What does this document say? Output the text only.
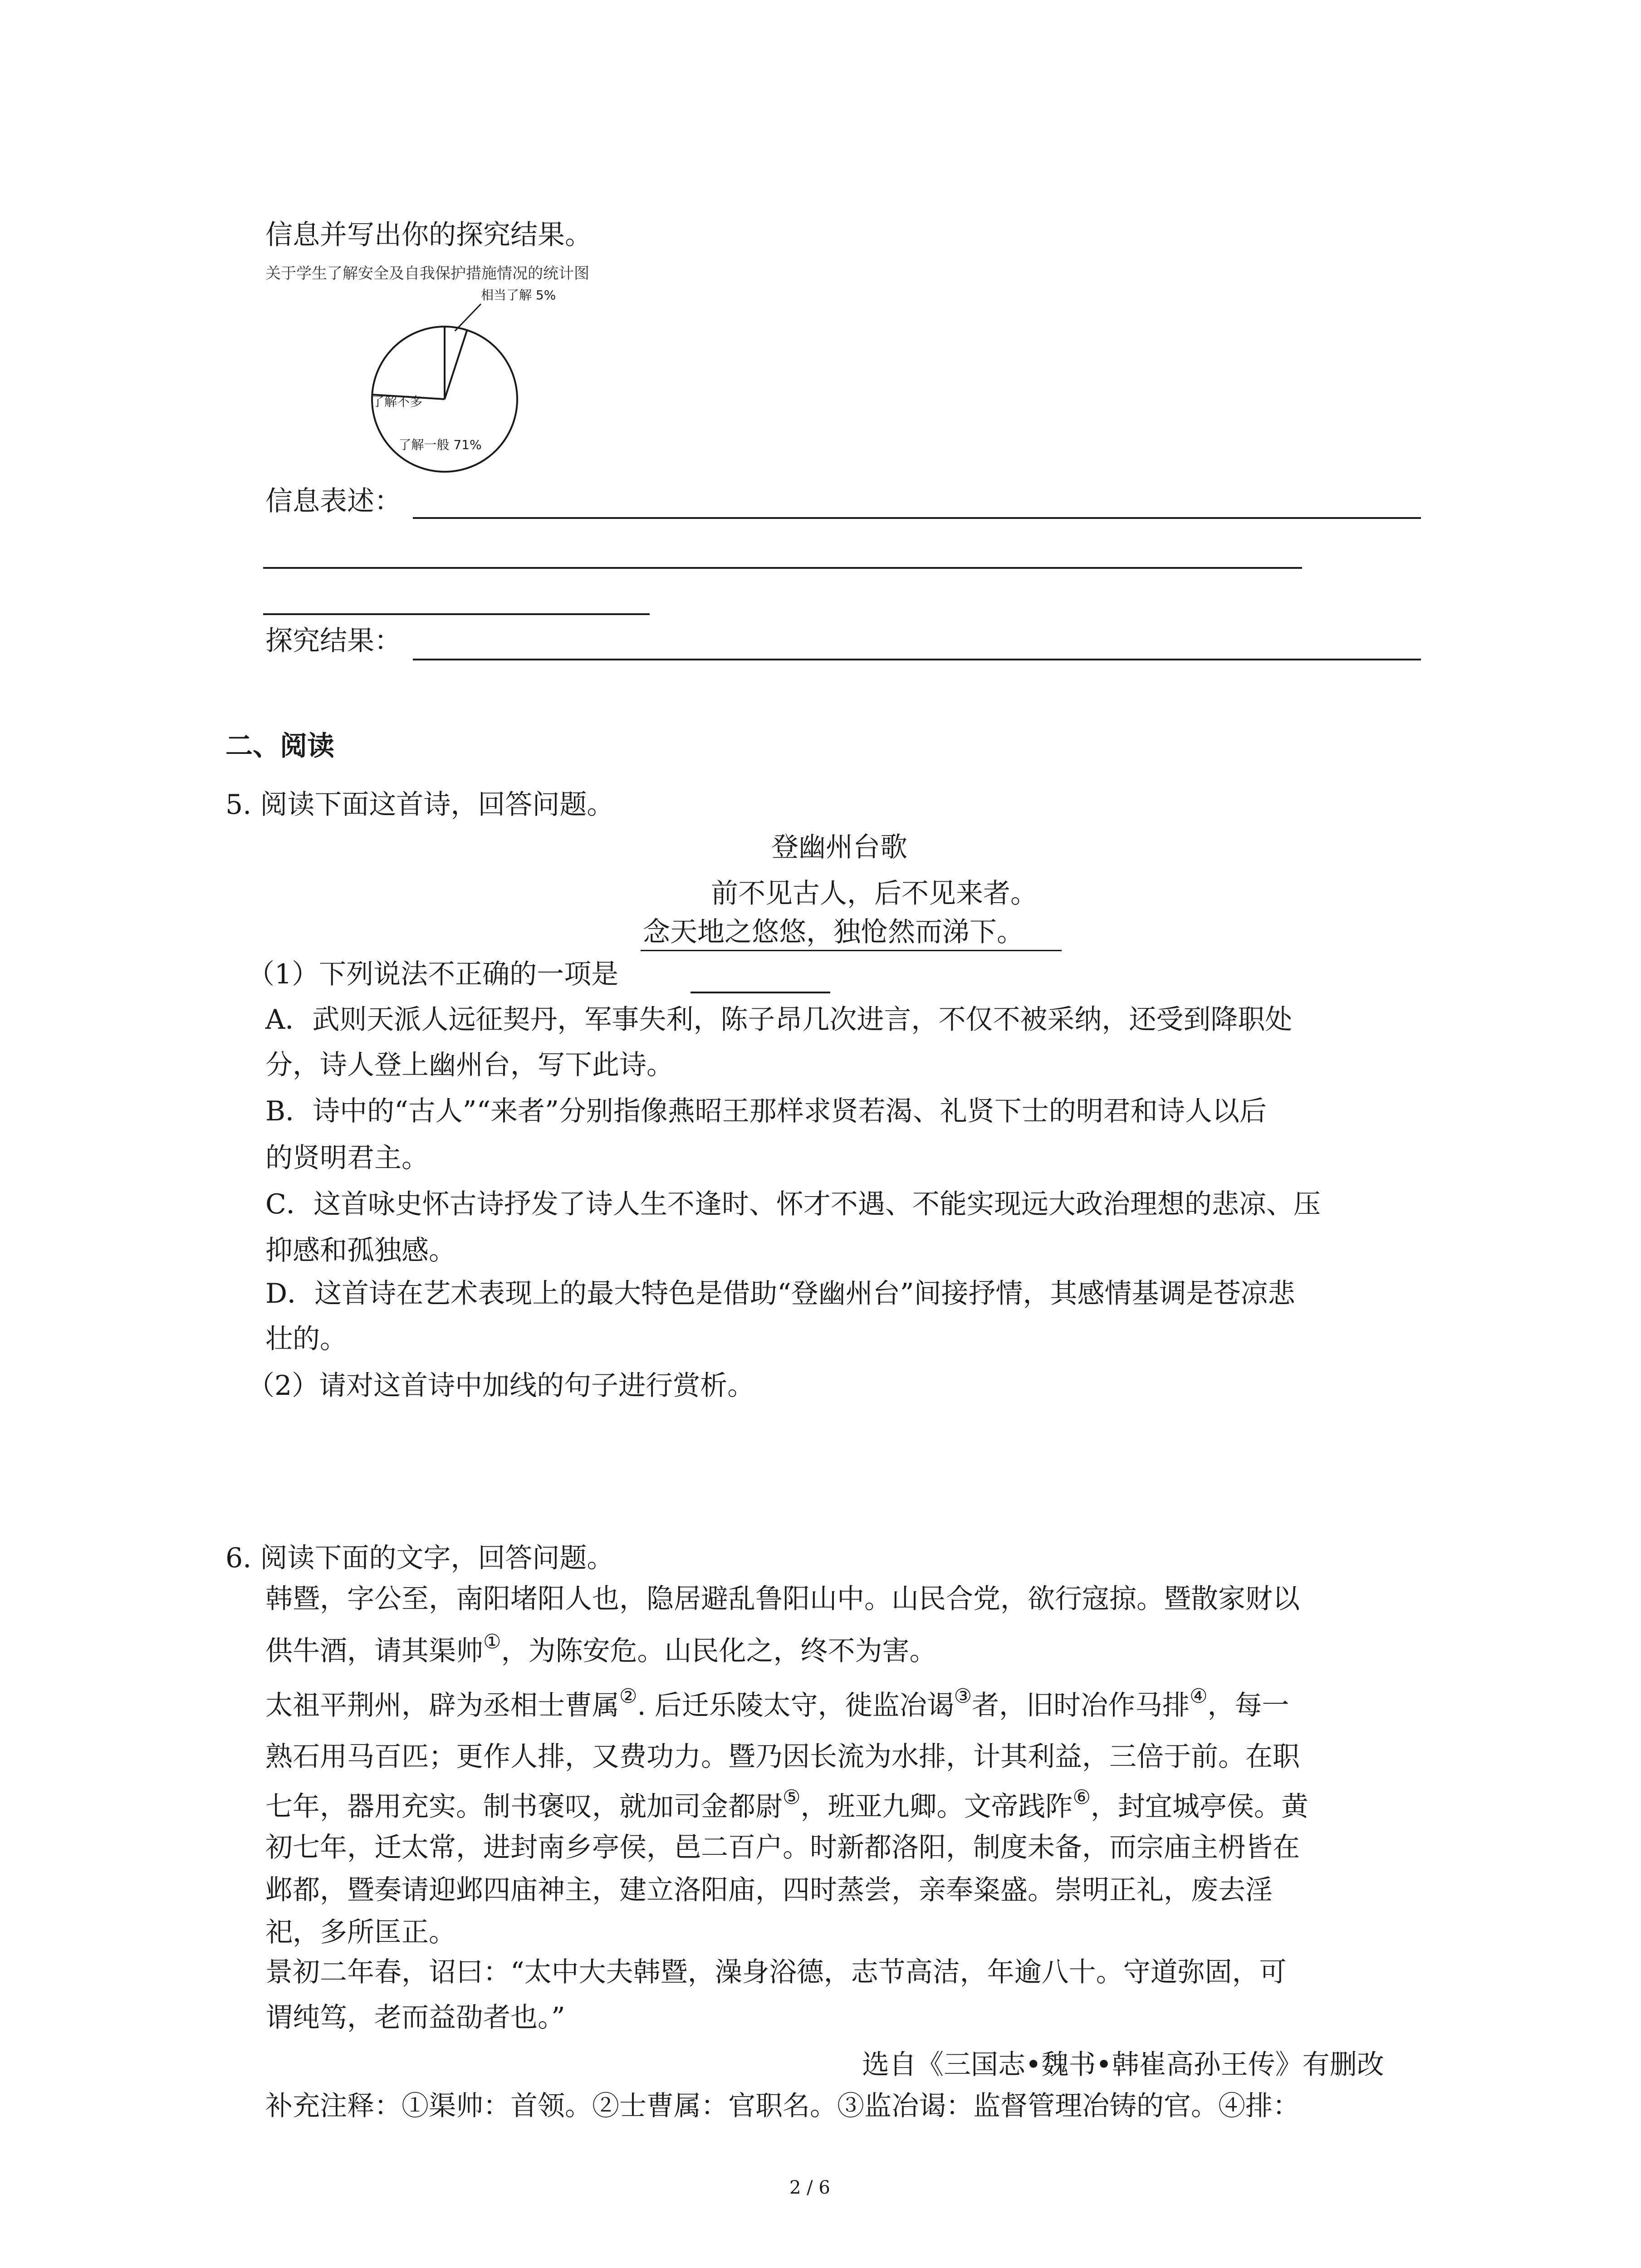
信息并写出你的探究结果。
关于学生了解安全及自我保护措施情况的统计图
相当了解 5%
了解一般 71%
了解不多
信息表述：
探究结果：
二、阅读
5. 阅读下面这首诗，回答问题。
登幽州台歌
前不见古人，后不见来者。
念天地之悠悠，独怆然而涕下。
（1）下列说法不正确的一项是
A．武则天派人远征契丹，军事失利，陈子昂几次进言，不仅不被采纳，还受到降职处
分，诗人登上幽州台，写下此诗。
B．诗中的“古人”“来者”分别指像燕昭王那样求贤若渴、礼贤下士的明君和诗人以后
的贤明君主。
C．这首咏史怀古诗抒发了诗人生不逢时、怀才不遇、不能实现远大政治理想的悲凉、压
抑感和孤独感。
D．这首诗在艺术表现上的最大特色是借助“登幽州台”间接抒情，其感情基调是苍凉悲
壮的。
（2）请对这首诗中加线的句子进行赏析。
6. 阅读下面的文字，回答问题。
韩暨，字公至，南阳堵阳人也，隐居避乱鲁阳山中。山民合党，欲行寇掠。暨散家财以
供牛酒，请其渠帅①，为陈安危。山民化之，终不为害。
太祖平荆州，辟为丞相士曹属②. 后迁乐陵太守，徙监冶谒③者，旧时冶作马排④，每一
熟石用马百匹；更作人排，又费功力。暨乃因长流为水排，计其利益，三倍于前。在职
七年，器用充实。制书褒叹，就加司金都尉⑤，班亚九卿。文帝践阼⑥，封宜城亭侯。黄
初七年，迁太常，进封南乡亭侯，邑二百户。时新都洛阳，制度未备，而宗庙主枬皆在
邺都，暨奏请迎邺四庙神主，建立洛阳庙，四时蒸尝，亲奉粢盛。崇明正礼，废去淫
祀，多所匡正。
景初二年春，诏曰：“太中大夫韩暨，澡身浴德，志节高洁，年逾八十。守道弥固，可
谓纯笃，老而益劭者也。”
选自《三国志•魏书•韩崔高孙王传》有删改
补充注释：①渠帅：首领。②士曹属：官职名。③监冶谒：监督管理冶铸的官。④排：
2 / 6
